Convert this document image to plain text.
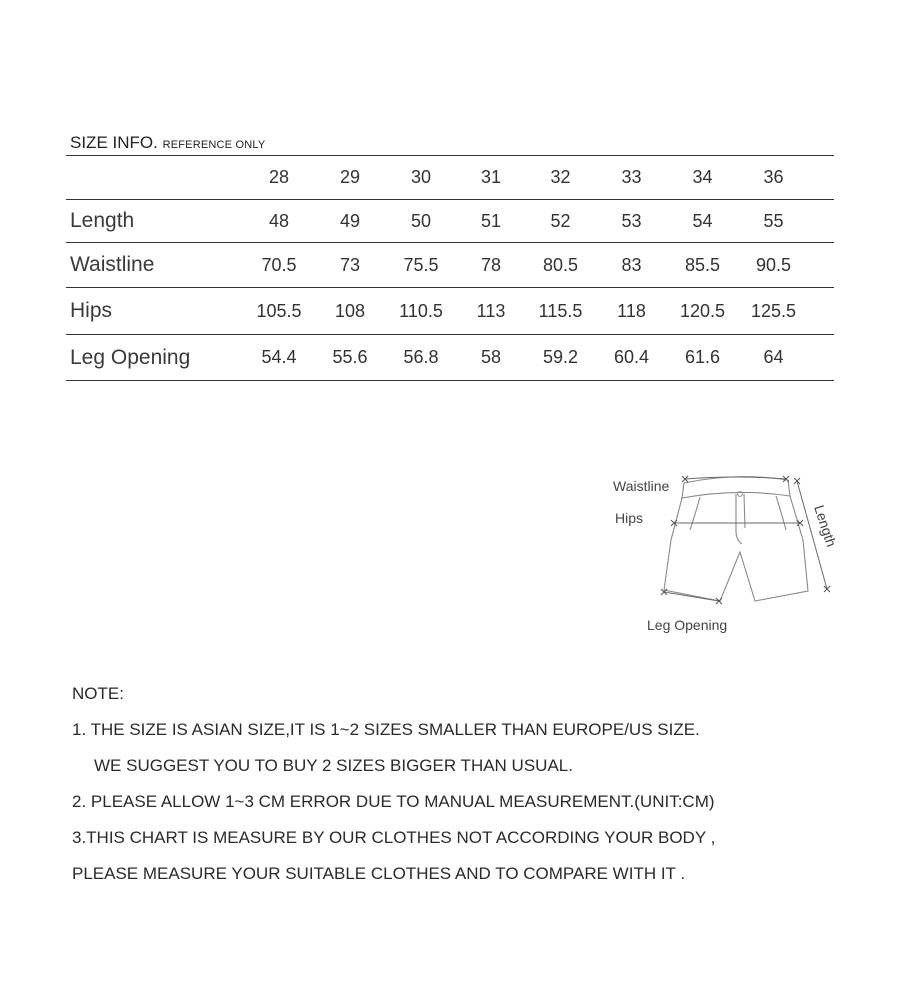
SIZE INFO. REFERENCE ONLY
	28	29	30	31	32	33	34	36	
Length	48	49	50	51	52	53	54	55	
Waistline	70.5	73	75.5	78	80.5	83	85.5	90.5	
Hips	105.5	108	110.5	113	115.5	118	120.5	125.5	
Leg Opening	54.4	55.6	56.8	58	59.2	60.4	61.6	64	
Waistline
Hips	Length
Leg Opening
NOTE:
1. THE SIZE IS ASIAN SIZE,IT IS 1~2 SIZES SMALLER THAN EUROPE/US SIZE.
WE SUGGEST YOU TO BUY 2 SIZES BIGGER THAN USUAL.
2. PLEASE ALLOW 1~3 CM ERROR DUE TO MANUAL MEASUREMENT.(UNIT:CM)
3.THIS CHART IS MEASURE BY OUR CLOTHES NOT ACCORDING YOUR BODY ,
PLEASE MEASURE YOUR SUITABLE CLOTHES AND TO COMPARE WITH IT .
